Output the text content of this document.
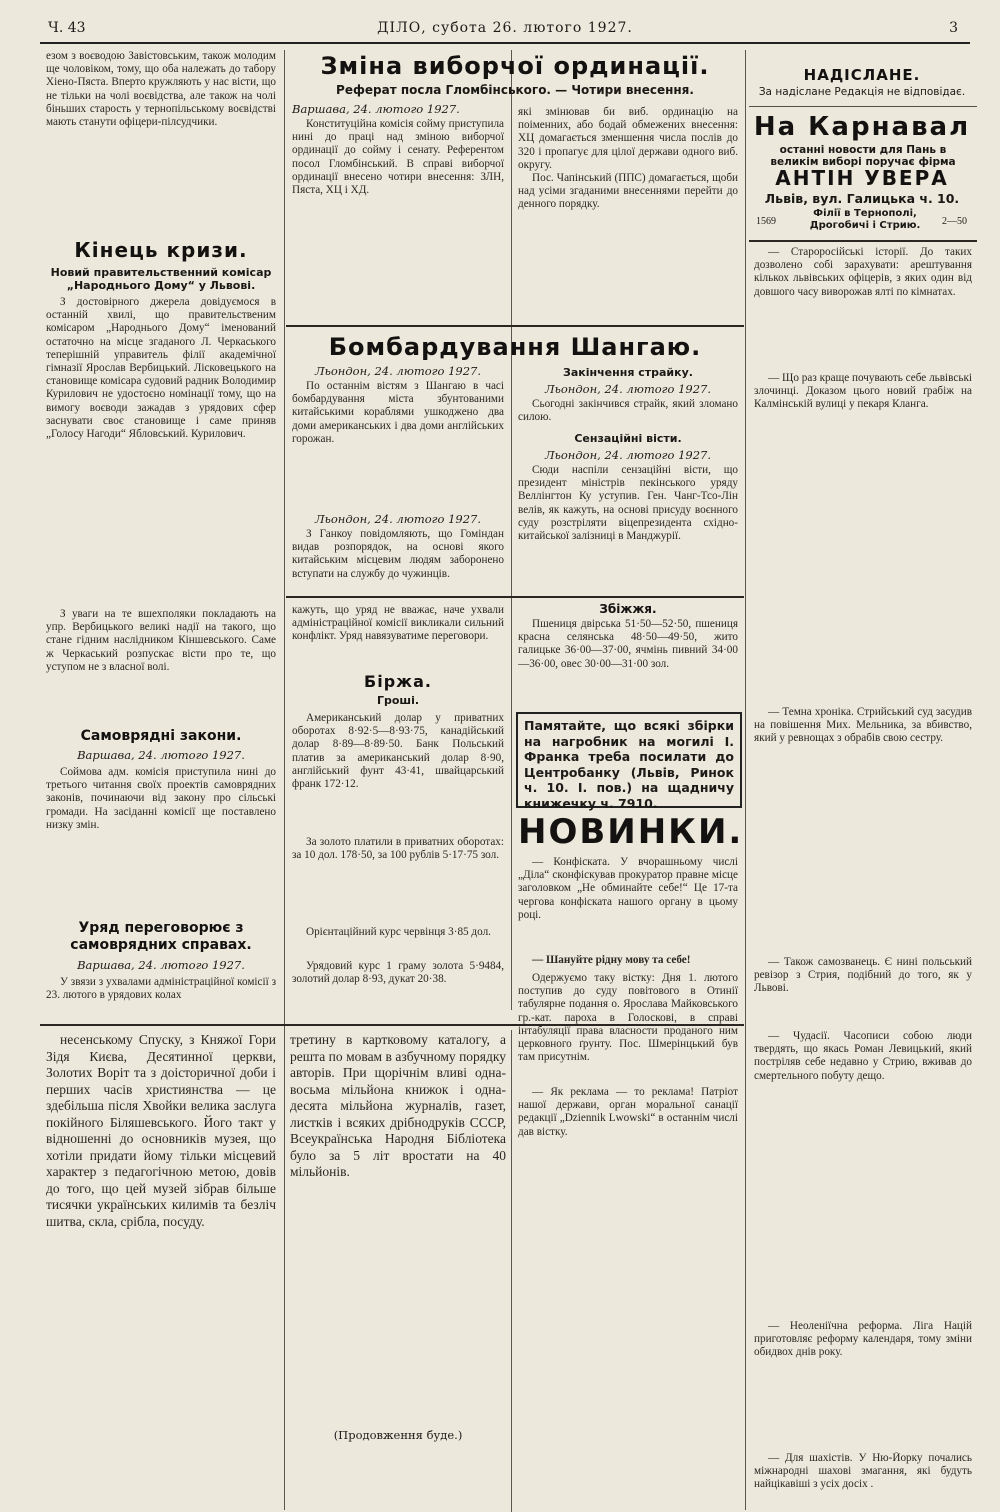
Ч. 43	ДІЛО, субота 26. лютого 1927.	3

езом з воєводою Завістовським, також молодим ще чоловіком, тому, що оба належать до табору Хіено-Пяста. Вперто кружляють у нас вісти, що не тільки на чолі воєвідства, але також на чолі біньших старость у тернопільському воєвідстві мають станути офіцери-пілсудчики.

Кінець кризи.
Новий правительственний комісар „Народнього Дому“ у Львові.

З достовірного джерела довідуємося в останній хвилі, що правительственим комісаром „Народнього Дому“ іменований остаточно на місце згаданого Л. Черкаського теперішній управитель філії академічної гімназії Ярослав Вербицький. Лісковецького на становище комісара судовий радник Володимир Курилович не удостоєно номінації тому, що на вимогу воєводи зажадав з урядових сфер заснувати своє становище і саме приняв „Голосу Нагоди“ Ябловський. Курилович.

З уваги на те вшехполяки покладають на упр. Вербицького великі надії на такого, що стане гідним наслідником Кіншевського. Саме ж Черкаський розпускає вісти про те, що уступом не з власної волі.

Самоврядні закони.
Варшава, 24. лютого 1927.

Соймова адм. комісія приступила нині до третього читання своїх проектів самоврядних законів, починаючи від закону про сільські громади. На засіданні комісії ще поставлено низку змін.

Уряд переговорює з самоврядних справах.
Варшава, 24. лютого 1927.

У звязи з ухвалами адміністраційної комісії з 23. лютого в урядових колах

несенському Спуску, з Княжої Гори Зідя Києва, Десятинної церкви, Золотих Воріт та з доісторичної доби і перших часів християнства — це здебільша після Хвойки велика заслуга покійного Біляшевського. Його такт у відношенні до основників музея, що хотіли придати йому тільки місцевий характер з педагогічною метою, довів до того, що цей музей зібрав більше тисячки українських килимів та безліч шитва, скла, срібла, посуду.

Зміна виборчої ординації.
Реферат посла Гломбінського. — Чотири внесення.
Варшава, 24. лютого 1927.

Конституційна комісія сойму приступила нині до праці над зміною виборчої ординації до сойму і сенату. Референтом посол Гломбінський. В справі виборчої ординації внесено чотири внесення: ЗЛН, Пяста, ХЦ і ХД.

Бомбардування Шангаю.
Льондон, 24. лютого 1927.

По останнім вістям з Шангаю в часі бомбардування міста збунтованими китайськими кораблями ушкоджено два доми американських і два доми англійських горожан.

Льондон, 24. лютого 1927.

З Ганкоу повідомляють, що Гоміндан видав розпорядок, на основі якого китайським місцевим людям заборонено вступати на службу до чужинців.

кажуть, що уряд не вважає, наче ухвали адміністраційної комісії викликали сильний конфлікт. Уряд навязуватиме переговори.

Біржа.
Гроші.

Американський долар у приватних оборотах 8·92·5—8·93·75, канадійський долар 8·89—8·89·50. Банк Польський платив за американський долар 8·90, англійський фунт 43·41, швайцарський франк 172·12.

За золото платили в приватних оборотах: за 10 дол. 178·50, за 100 рублів 5·17·75 зол.

Орієнтаційний курс червінця 3·85 дол.

Урядовий курс 1 граму золота 5·9484, золотий долар 8·93, дукат 20·38.

третину в картковому каталогу, а решта по мовам в азбучному порядку авторів. При щорічнім вливі одна-восьма мільйона книжок і одна-десята мільйона журналів, газет, листків і всяких дрібнодруків СССР, Всеукраїнська Народня Бібліотека було за 5 літ вростати на 40 мільйонів.

(Продовження буде.)

які змінював би виб. ординацію на поіменних, або бодай обмежених внесення: ХЦ домагається зменшення числа послів до 320 і пропагує для цілої держави одного виб. округу.

Пос. Чапінський (ППС) домагається, щоби над усіми згаданими внесеннями перейти до денного порядку.

Закінчення страйку.
Льондон, 24. лютого 1927.

Сьогодні закінчився страйк, який зломано силою.

Сензаційні вісти.
Льондон, 24. лютого 1927.

Сюди наспіли сензаційні вісти, що президент міністрів пекінського уряду Веллінгтон Ку уступив. Ген. Чанг-Тсо-Лін велів, як кажуть, на основі присуду воєнного суду розстріляти віцепрезидента східно-китайської залізниці в Манджурії.

Збіжжя.

Пшениця двірська 51·50—52·50, пшениця красна селянська 48·50—49·50, жито галицьке 36·00—37·00, ячмінь пивний 34·00—36·00, овес 30·00—31·00 зол.

Памятайте, що всякі збірки на нагробник на могилі І. Франка треба посилати до Центробанку (Львів, Ринок ч. 10. І. пов.) на щадничу книжечку ч. 7910.
НОВИНКИ.

— Конфіската. У вчорашньому числі „Діла“ сконфіскував прокуратор правне місце заголовком „Не обминайте себе!“ Це 17-та чергова конфіската нашого органу в цьому році.

— Шануйте рідну мову та себе!

Одержуємо таку вістку: Дня 1. лютого поступив до суду повітового в Отинії табулярне подання о. Ярослава Майковського гр.-кат. пароха в Голосковi, в справі інтабуляції права власности проданого ним церковного ґрунту. Пос. Шмерінцький був там присутнім.

— Як реклама — то реклама! Патріот нашої держави, орган моральної санації редакції „Dziennik Lwowski“ в останнім числі дав вістку.

НАДІСЛАНЕ.
За надіслане Редакція не відповідає.
На Карнавал
останні новости для Пань в великім виборі поручає фірма
АНТІН УВЕРА
Львів, вул. Галицька ч. 10.
Філії в Тернополі, Дрогобичі і Стрию.
1569	2—50

— Староросійські історії. До таких дозволено собі зарахувати: арештування кількох львівських офіцерів, з яких один від довшого часу виворожав ялті по кімнатах.

— Що раз краще почувають себе львівські злочинці. Доказом цього новий ґрабіж на Калмінській вулиці у пекаря Кланга.

— Темна хроніка. Стрийський суд засудив на повішення Мих. Мельника, за вбивство, який у ревнощах з обрабів свою сестру.

— Також самозванець. Є нині польський ревізор з Стрия, подібний до того, як у Львові.

— Чудасії. Часописи собою люди твердять, що якась Роман Левицький, який постріляв себе недавно у Стрию, вживав до смертельного побуту дещо.

— Неоленіїчна реформа. Ліга Націй приготовляє реформу календаря, тому зміни обидвох днів року.

— Для шахістів. У Ню-Йорку почались міжнародні шахові змагання, які будуть найцікавіші з усіх досіх .
